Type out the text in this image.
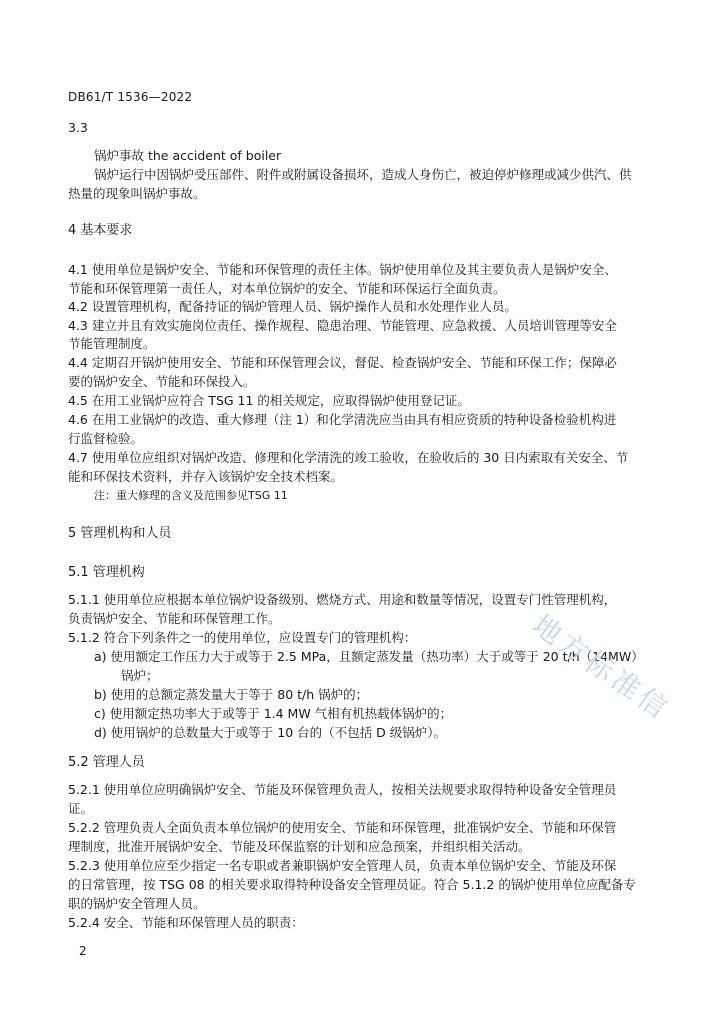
DB61/T 1536—2022
3.3
锅炉事故 the accident of boiler
锅炉运行中因锅炉受压部件、附件或附属设备损坏，造成人身伤亡，被迫停炉修理或减少供汽、供
热量的现象叫锅炉事故。
4 基本要求
4.1 使用单位是锅炉安全、节能和环保管理的责任主体。锅炉使用单位及其主要负责人是锅炉安全、
节能和环保管理第一责任人，对本单位锅炉的安全、节能和环保运行全面负责。
4.2 设置管理机构，配备持证的锅炉管理人员、锅炉操作人员和水处理作业人员。
4.3 建立并且有效实施岗位责任、操作规程、隐患治理、节能管理、应急救援、人员培训管理等安全
节能管理制度。
4.4 定期召开锅炉使用安全、节能和环保管理会议，督促、检查锅炉安全、节能和环保工作；保障必
要的锅炉安全、节能和环保投入。
4.5 在用工业锅炉应符合 TSG 11 的相关规定，应取得锅炉使用登记证。
4.6 在用工业锅炉的改造、重大修理（注 1）和化学清洗应当由具有相应资质的特种设备检验机构进
行监督检验。
4.7 使用单位应组织对锅炉改造、修理和化学清洗的竣工验收，在验收后的 30 日内索取有关安全、节
能和环保技术资料，并存入该锅炉安全技术档案。
注：重大修理的含义及范围参见TSG 11
5 管理机构和人员
5.1 管理机构
5.1.1 使用单位应根据本单位锅炉设备级别、燃烧方式、用途和数量等情况，设置专门性管理机构，
负责锅炉安全、节能和环保管理工作。
5.1.2 符合下列条件之一的使用单位，应设置专门的管理机构：
a) 使用额定工作压力大于或等于 2.5 MPa，且额定蒸发量（热功率）大于或等于 20 t/h（14MW）
锅炉；
b) 使用的总额定蒸发量大于等于 80 t/h 锅炉的；
c) 使用额定热功率大于或等于 1.4 MW 气相有机热载体锅炉的；
d) 使用锅炉的总数量大于或等于 10 台的（不包括 D 级锅炉）。
5.2 管理人员
5.2.1 使用单位应明确锅炉安全、节能及环保管理负责人，按相关法规要求取得特种设备安全管理员
证。
5.2.2 管理负责人全面负责本单位锅炉的使用安全、节能和环保管理，批准锅炉安全、节能和环保管
理制度，批准开展锅炉安全、节能及环保监察的计划和应急预案，并组织相关活动。
5.2.3 使用单位应至少指定一名专职或者兼职锅炉安全管理人员，负责本单位锅炉安全、节能及环保
的日常管理，按 TSG 08 的相关要求取得特种设备安全管理员证。符合 5.1.2 的锅炉使用单位应配备专
职的锅炉安全管理人员。
5.2.4 安全、节能和环保管理人员的职责：
2
地方标准信
